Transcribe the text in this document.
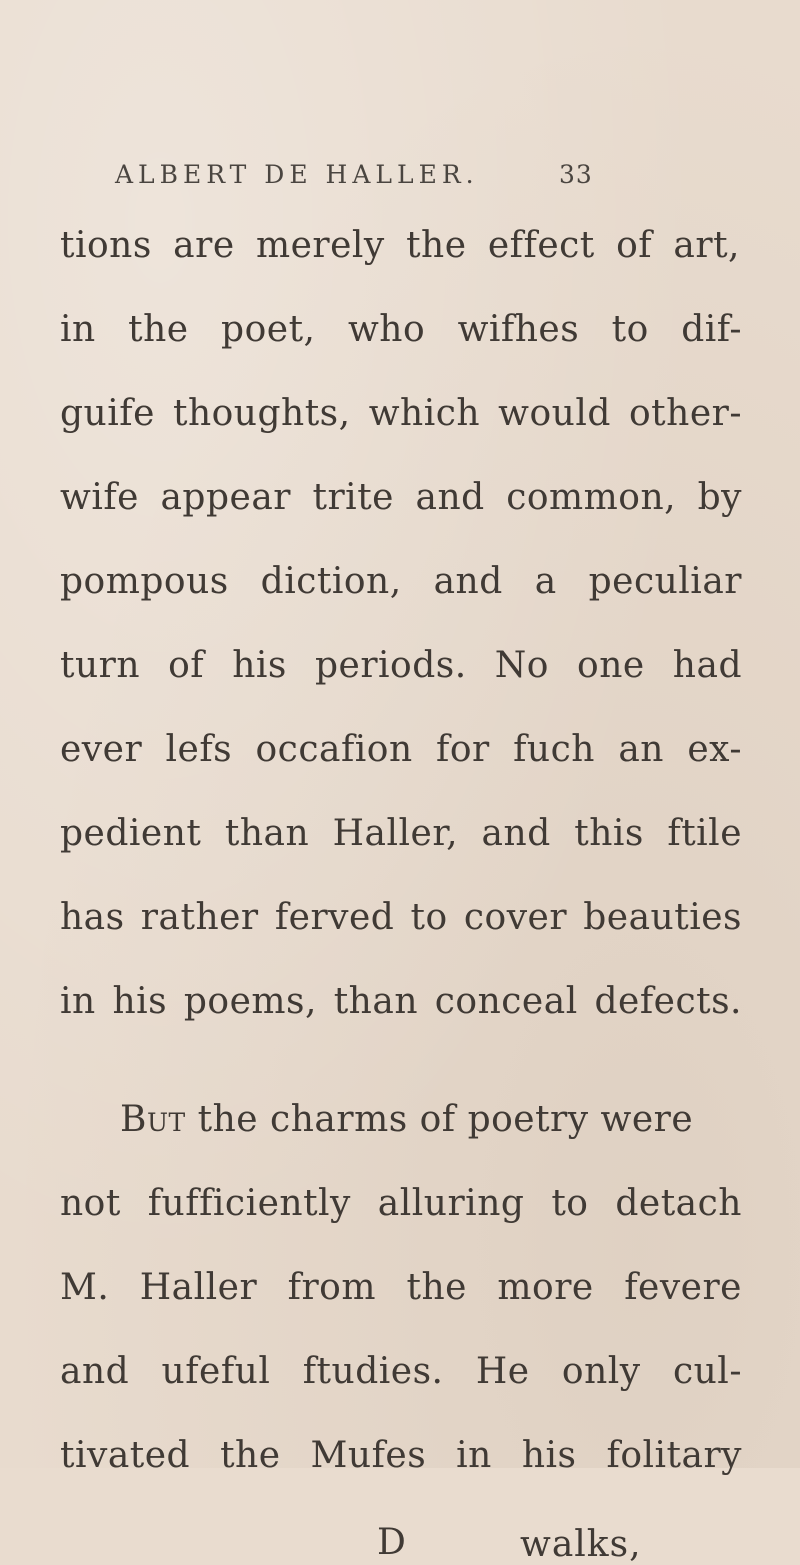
ALBERT DE HALLER.	33
tions are merely the effect of art,
in the poet, who wifhes to dif-
guife thoughts, which would other-
wife appear trite and common, by
pompous diction, and a peculiar
turn of his periods. No one had
ever lefs occafion for fuch an ex-
pedient than Haller, and this ftile
has rather ferved to cover beauties
in his poems, than conceal defects.
But the charms of poetry were
not fufficiently alluring to detach
M. Haller from the more fevere
and ufeful ftudies. He only cul-
tivated the Mufes in his folitary
D	walks,
